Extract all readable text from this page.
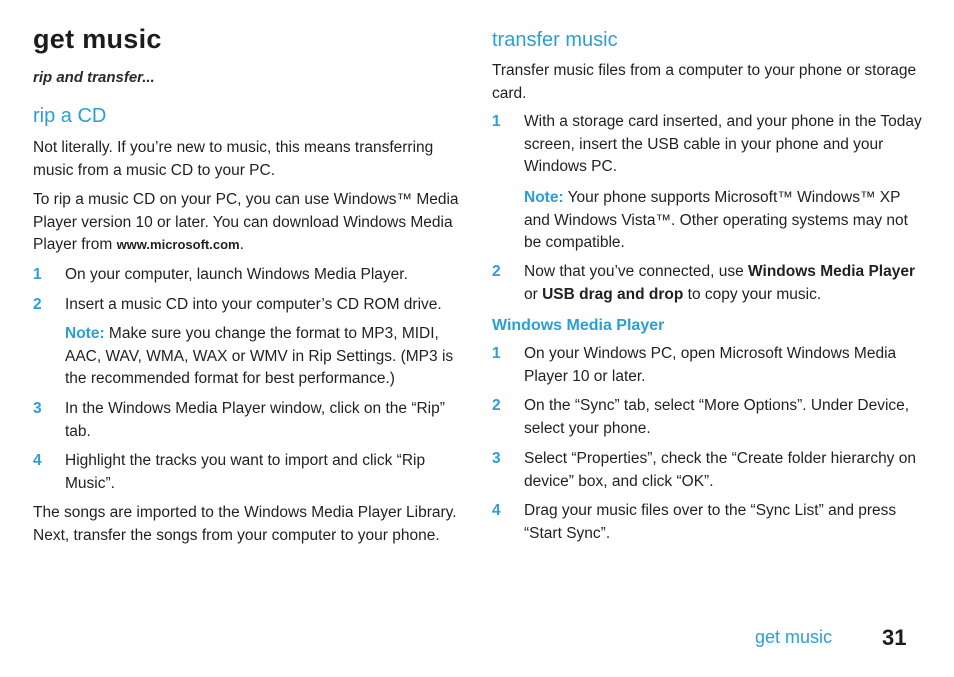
get music

rip and transfer...

rip a CD

Not literally. If you’re new to music, this means transferring music from a music CD to your PC.

To rip a music CD on your PC, you can use Windows™ Media Player version 10 or later. You can download Windows Media Player from www.microsoft.com.

1 On your computer, launch Windows Media Player.

2 Insert a music CD into your computer’s CD ROM drive.

Note: Make sure you change the format to MP3, MIDI, AAC, WAV, WMA, WAX or WMV in Rip Settings. (MP3 is the recommended format for best performance.)

3 In the Windows Media Player window, click on the “Rip” tab.

4 Highlight the tracks you want to import and click “Rip Music”.

The songs are imported to the Windows Media Player Library. Next, transfer the songs from your computer to your phone.

transfer music

Transfer music files from a computer to your phone or storage card.

1 With a storage card inserted, and your phone in the Today screen, insert the USB cable in your phone and your Windows PC.

Note: Your phone supports Microsoft™ Windows™ XP and Windows Vista™. Other operating systems may not be compatible.

2 Now that you’ve connected, use Windows Media Player or USB drag and drop to copy your music.

Windows Media Player
1 On your Windows PC, open Microsoft Windows Media Player 10 or later.

2 On the “Sync” tab, select “More Options”. Under Device, select your phone.

3 Select “Properties”, check the “Create folder hierarchy on device” box, and click “OK”.

4 Drag your music files over to the “Sync List” and press “Start Sync”.

get music 31
